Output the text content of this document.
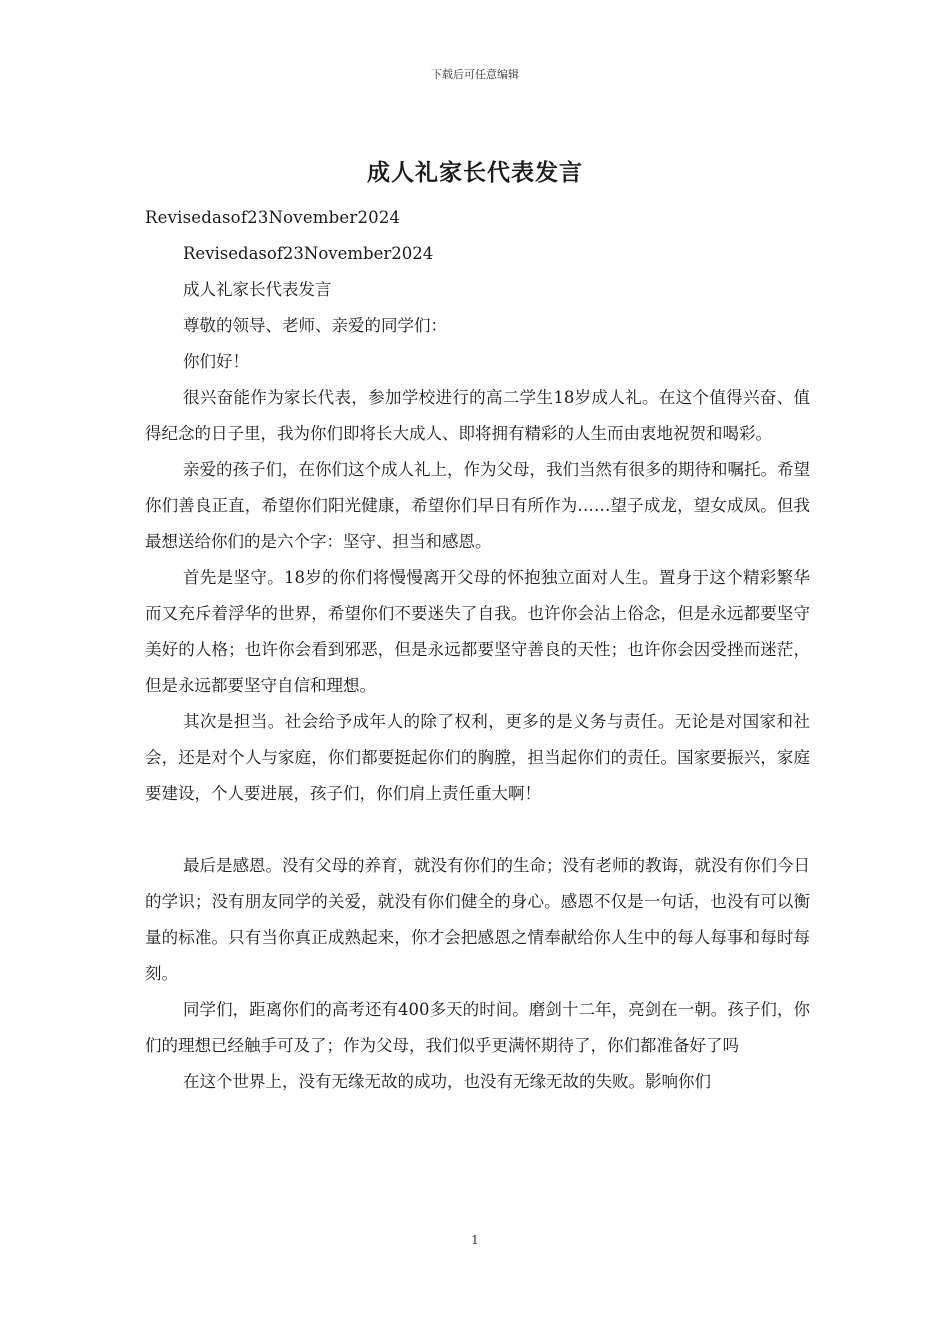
下载后可任意编辑
成人礼家长代表发言

Revisedasof23November2024

Revisedasof23November2024

成人礼家长代表发言

尊敬的领导、老师、亲爱的同学们：

你们好！

很兴奋能作为家长代表，参加学校进行的高二学生18岁成人礼。在这个值得兴奋、值得纪念的日子里，我为你们即将长大成人、即将拥有精彩的人生而由衷地祝贺和喝彩。

亲爱的孩子们，在你们这个成人礼上，作为父母，我们当然有很多的期待和嘱托。希望你们善良正直，希望你们阳光健康，希望你们早日有所作为……望子成龙，望女成凤。但我最想送给你们的是六个字：坚守、担当和感恩。

首先是坚守。18岁的你们将慢慢离开父母的怀抱独立面对人生。置身于这个精彩繁华而又充斥着浮华的世界，希望你们不要迷失了自我。也许你会沾上俗念，但是永远都要坚守美好的人格；也许你会看到邪恶，但是永远都要坚守善良的天性；也许你会因受挫而迷茫，但是永远都要坚守自信和理想。

其次是担当。社会给予成年人的除了权利，更多的是义务与责任。无论是对国家和社会，还是对个人与家庭，你们都要挺起你们的胸膛，担当起你们的责任。国家要振兴，家庭要建设，个人要进展，孩子们，你们肩上责任重大啊！

最后是感恩。没有父母的养育，就没有你们的生命；没有老师的教诲，就没有你们今日的学识；没有朋友同学的关爱，就没有你们健全的身心。感恩不仅是一句话，也没有可以衡量的标准。只有当你真正成熟起来，你才会把感恩之情奉献给你人生中的每人每事和每时每刻。

同学们，距离你们的高考还有400多天的时间。磨剑十二年，亮剑在一朝。孩子们，你们的理想已经触手可及了；作为父母，我们似乎更满怀期待了，你们都准备好了吗

在这个世界上，没有无缘无故的成功，也没有无缘无故的失败。影响你们

1
